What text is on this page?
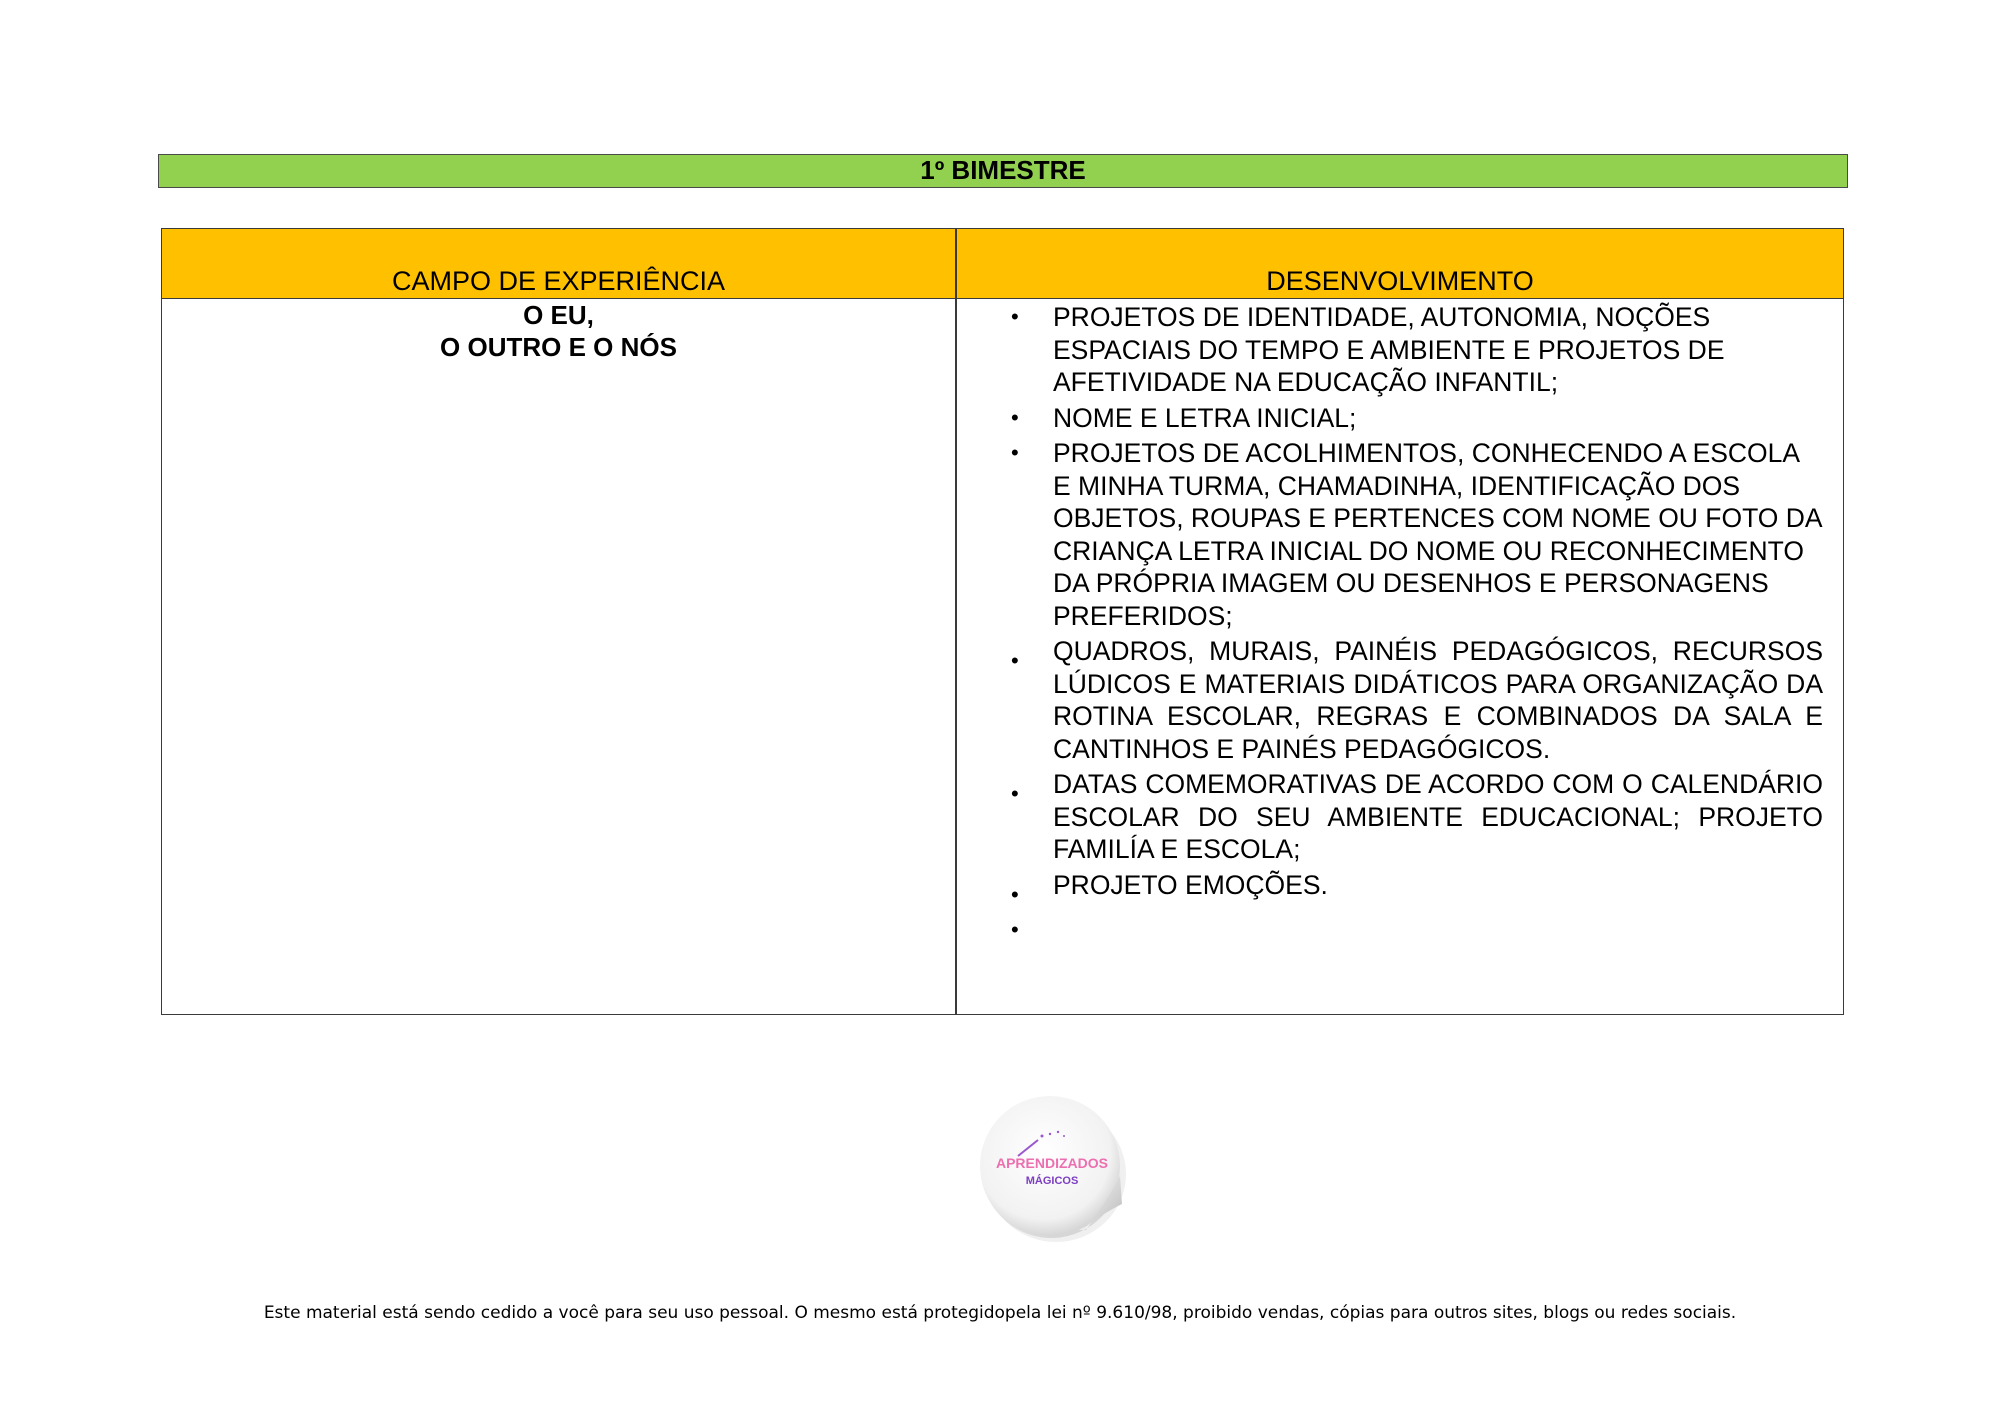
1º BIMESTRE
CAMPO DE EXPERIÊNCIA	DESENVOLVIMENTO
O EU,
O OUTRO E O NÓS
• PROJETOS DE IDENTIDADE, AUTONOMIA, NOÇÕES ESPACIAIS DO TEMPO E AMBIENTE E PROJETOS DE AFETIVIDADE NA EDUCAÇÃO INFANTIL;
• NOME E LETRA INICIAL;
• PROJETOS DE ACOLHIMENTOS, CONHECENDO A ESCOLA E MINHA TURMA, CHAMADINHA, IDENTIFICAÇÃO DOS OBJETOS, ROUPAS E PERTENCES COM NOME OU FOTO DA CRIANÇA LETRA INICIAL DO NOME OU RECONHECIMENTO DA PRÓPRIA IMAGEM OU DESENHOS E PERSONAGENS PREFERIDOS;
• QUADROS, MURAIS, PAINÉIS PEDAGÓGICOS, RECURSOS LÚDICOS E MATERIAIS DIDÁTICOS PARA ORGANIZAÇÃO DA ROTINA ESCOLAR, REGRAS E COMBINADOS DA SALA E CANTINHOS E PAINÉS PEDAGÓGICOS.
• DATAS COMEMORATIVAS DE ACORDO COM O CALENDÁRIO ESCOLAR DO SEU AMBIENTE EDUCACIONAL; PROJETO FAMILÍA E ESCOLA;
• PROJETO EMOÇÕES.
•
APRENDIZADOS
MÁGICOS
Este material está sendo cedido a você para seu uso pessoal. O mesmo está protegidopela lei nº 9.610/98, proibido vendas, cópias para outros sites, blogs ou redes sociais.
